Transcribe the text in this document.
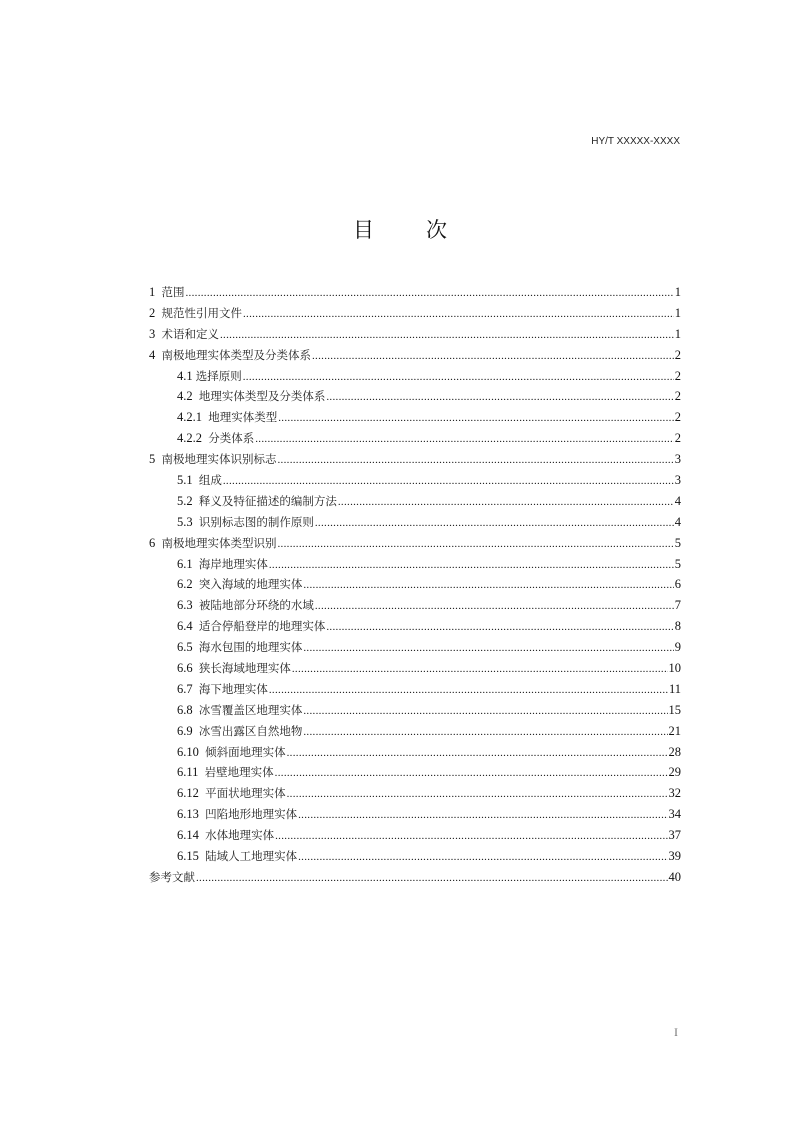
HY/T XXXXX-XXXX
目 次
1 范围 .....	1
2 规范性引用文件 .....	1
3 术语和定义 .....	1
4 南极地理实体类型及分类体系 .....	2
4.1 选择原则 .....	2
4.2 地理实体类型及分类体系 .....	2
4.2.1 地理实体类型 .....	2
4.2.2 分类体系 .....	2
5 南极地理实体识别标志 .....	3
5.1 组成 .....	3
5.2 释义及特征描述的编制方法 .....	4
5.3 识别标志图的制作原则 .....	4
6 南极地理实体类型识别 .....	5
6.1 海岸地理实体 .....	5
6.2 突入海域的地理实体 .....	6
6.3 被陆地部分环绕的水域 .....	7
6.4 适合停船登岸的地理实体 .....	8
6.5 海水包围的地理实体 .....	9
6.6 狭长海域地理实体 .....	10
6.7 海下地理实体 .....	11
6.8 冰雪覆盖区地理实体 .....	15
6.9 冰雪出露区自然地物 .....	21
6.10 倾斜面地理实体 .....	28
6.11 岩壁地理实体 .....	29
6.12 平面状地理实体 .....	32
6.13 凹陷地形地理实体 .....	34
6.14 水体地理实体 .....	37
6.15 陆域人工地理实体 .....	39
参考文献 .....	40
I
